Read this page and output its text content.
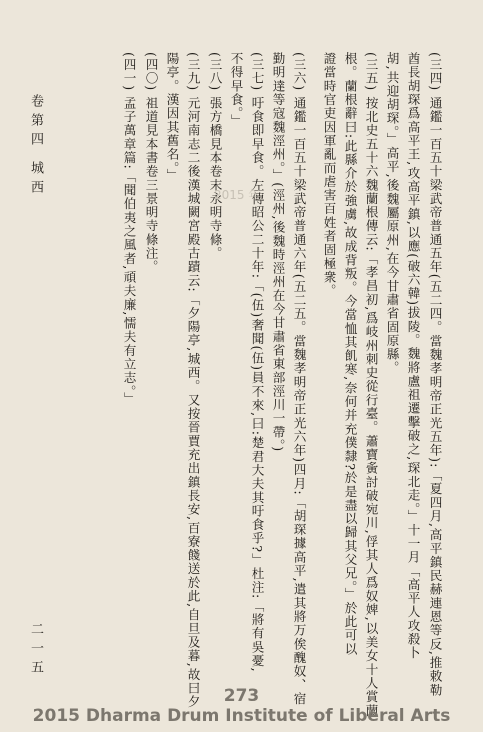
卷第四 城西	(三四) 通鑑一百五十梁武帝普通五年(五二四。當魏孝明帝正光五年):「夏四月,高平鎮民赫連恩等反,推敕勒
酋長胡琛爲高平王,攻高平鎮,以應(破六韓)拔陵。魏將盧祖遷擊破之,琛北走。」十一月「高平人攻殺卜
胡,共迎胡琛。」高平,後魏屬原州,在今甘肅省固原縣。
(三五) 按北史五十六魏蘭根傳云:「孝昌初,爲岐州刺史從行臺。蕭寶夤討破宛川,俘其人爲奴婢,以美女十人賞蘭
根。蘭根辭曰:此縣介於強虜,故成背叛。今當恤其飢寒,奈何并充僕隸?於是盡以歸其父兄。」於此可以
證當時官吏因軍亂而虐害百姓者固極衆。
(三六) 通鑑一百五十梁武帝普通六年(五二五。當魏孝明帝正光六年)四月:「胡琛據高平,遣其將万俟醜奴、宿
勤明達等寇魏涇州。」(涇州,後魏時涇州在今甘肅省東部涇川一帶。)
(三七) 吁食即早食。左傳昭公二十年:「(伍)奢聞(伍)員不來,曰:楚君大夫其吁食乎?」杜注:「將有吳憂,
不得早食。」
(三八) 張方橋見本卷末永明寺條。
(三九) 元河南志二後漢城闕宮殿古蹟云:「夕陽亭,城西。又按晉賈充出鎮長安,百寮餞送於此,自旦及暮,故曰夕
陽亭。漢因其舊名。」
(四〇) 祖道見本書卷三景明寺條注。
(四一) 孟子萬章篇:「聞伯夷之風者,頑夫廉,懦夫有立志。」
二一五
2015 年
273
2015 Dharma Drum Institute of Liberal Arts
